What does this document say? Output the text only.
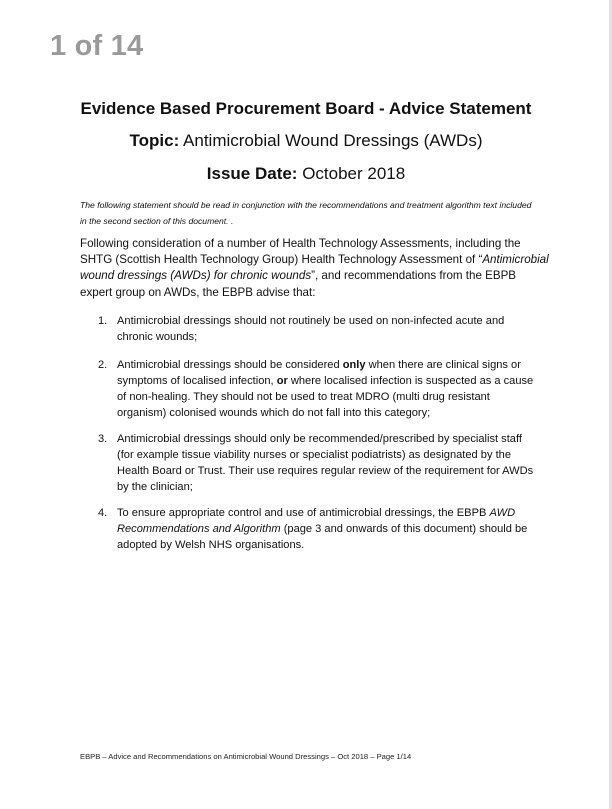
1 of 14
Evidence Based Procurement Board - Advice Statement
Topic: Antimicrobial Wound Dressings (AWDs)
Issue Date: October 2018
The following statement should be read in conjunction with the recommendations and treatment algorithm text included in the second section of this document. .
Following consideration of a number of Health Technology Assessments, including the SHTG (Scottish Health Technology Group) Health Technology Assessment of “Antimicrobial wound dressings (AWDs) for chronic wounds”, and recommendations from the EBPB expert group on AWDs, the EBPB advise that:
1. Antimicrobial dressings should not routinely be used on non-infected acute and chronic wounds;
2. Antimicrobial dressings should be considered only when there are clinical signs or symptoms of localised infection, or where localised infection is suspected as a cause of non-healing. They should not be used to treat MDRO (multi drug resistant organism) colonised wounds which do not fall into this category;
3. Antimicrobial dressings should only be recommended/prescribed by specialist staff (for example tissue viability nurses or specialist podiatrists) as designated by the Health Board or Trust. Their use requires regular review of the requirement for AWDs by the clinician;
4. To ensure appropriate control and use of antimicrobial dressings, the EBPB AWD Recommendations and Algorithm (page 3 and onwards of this document) should be adopted by Welsh NHS organisations.
EBPB – Advice and Recommendations on Antimicrobial Wound Dressings – Oct 2018 – Page 1/14
